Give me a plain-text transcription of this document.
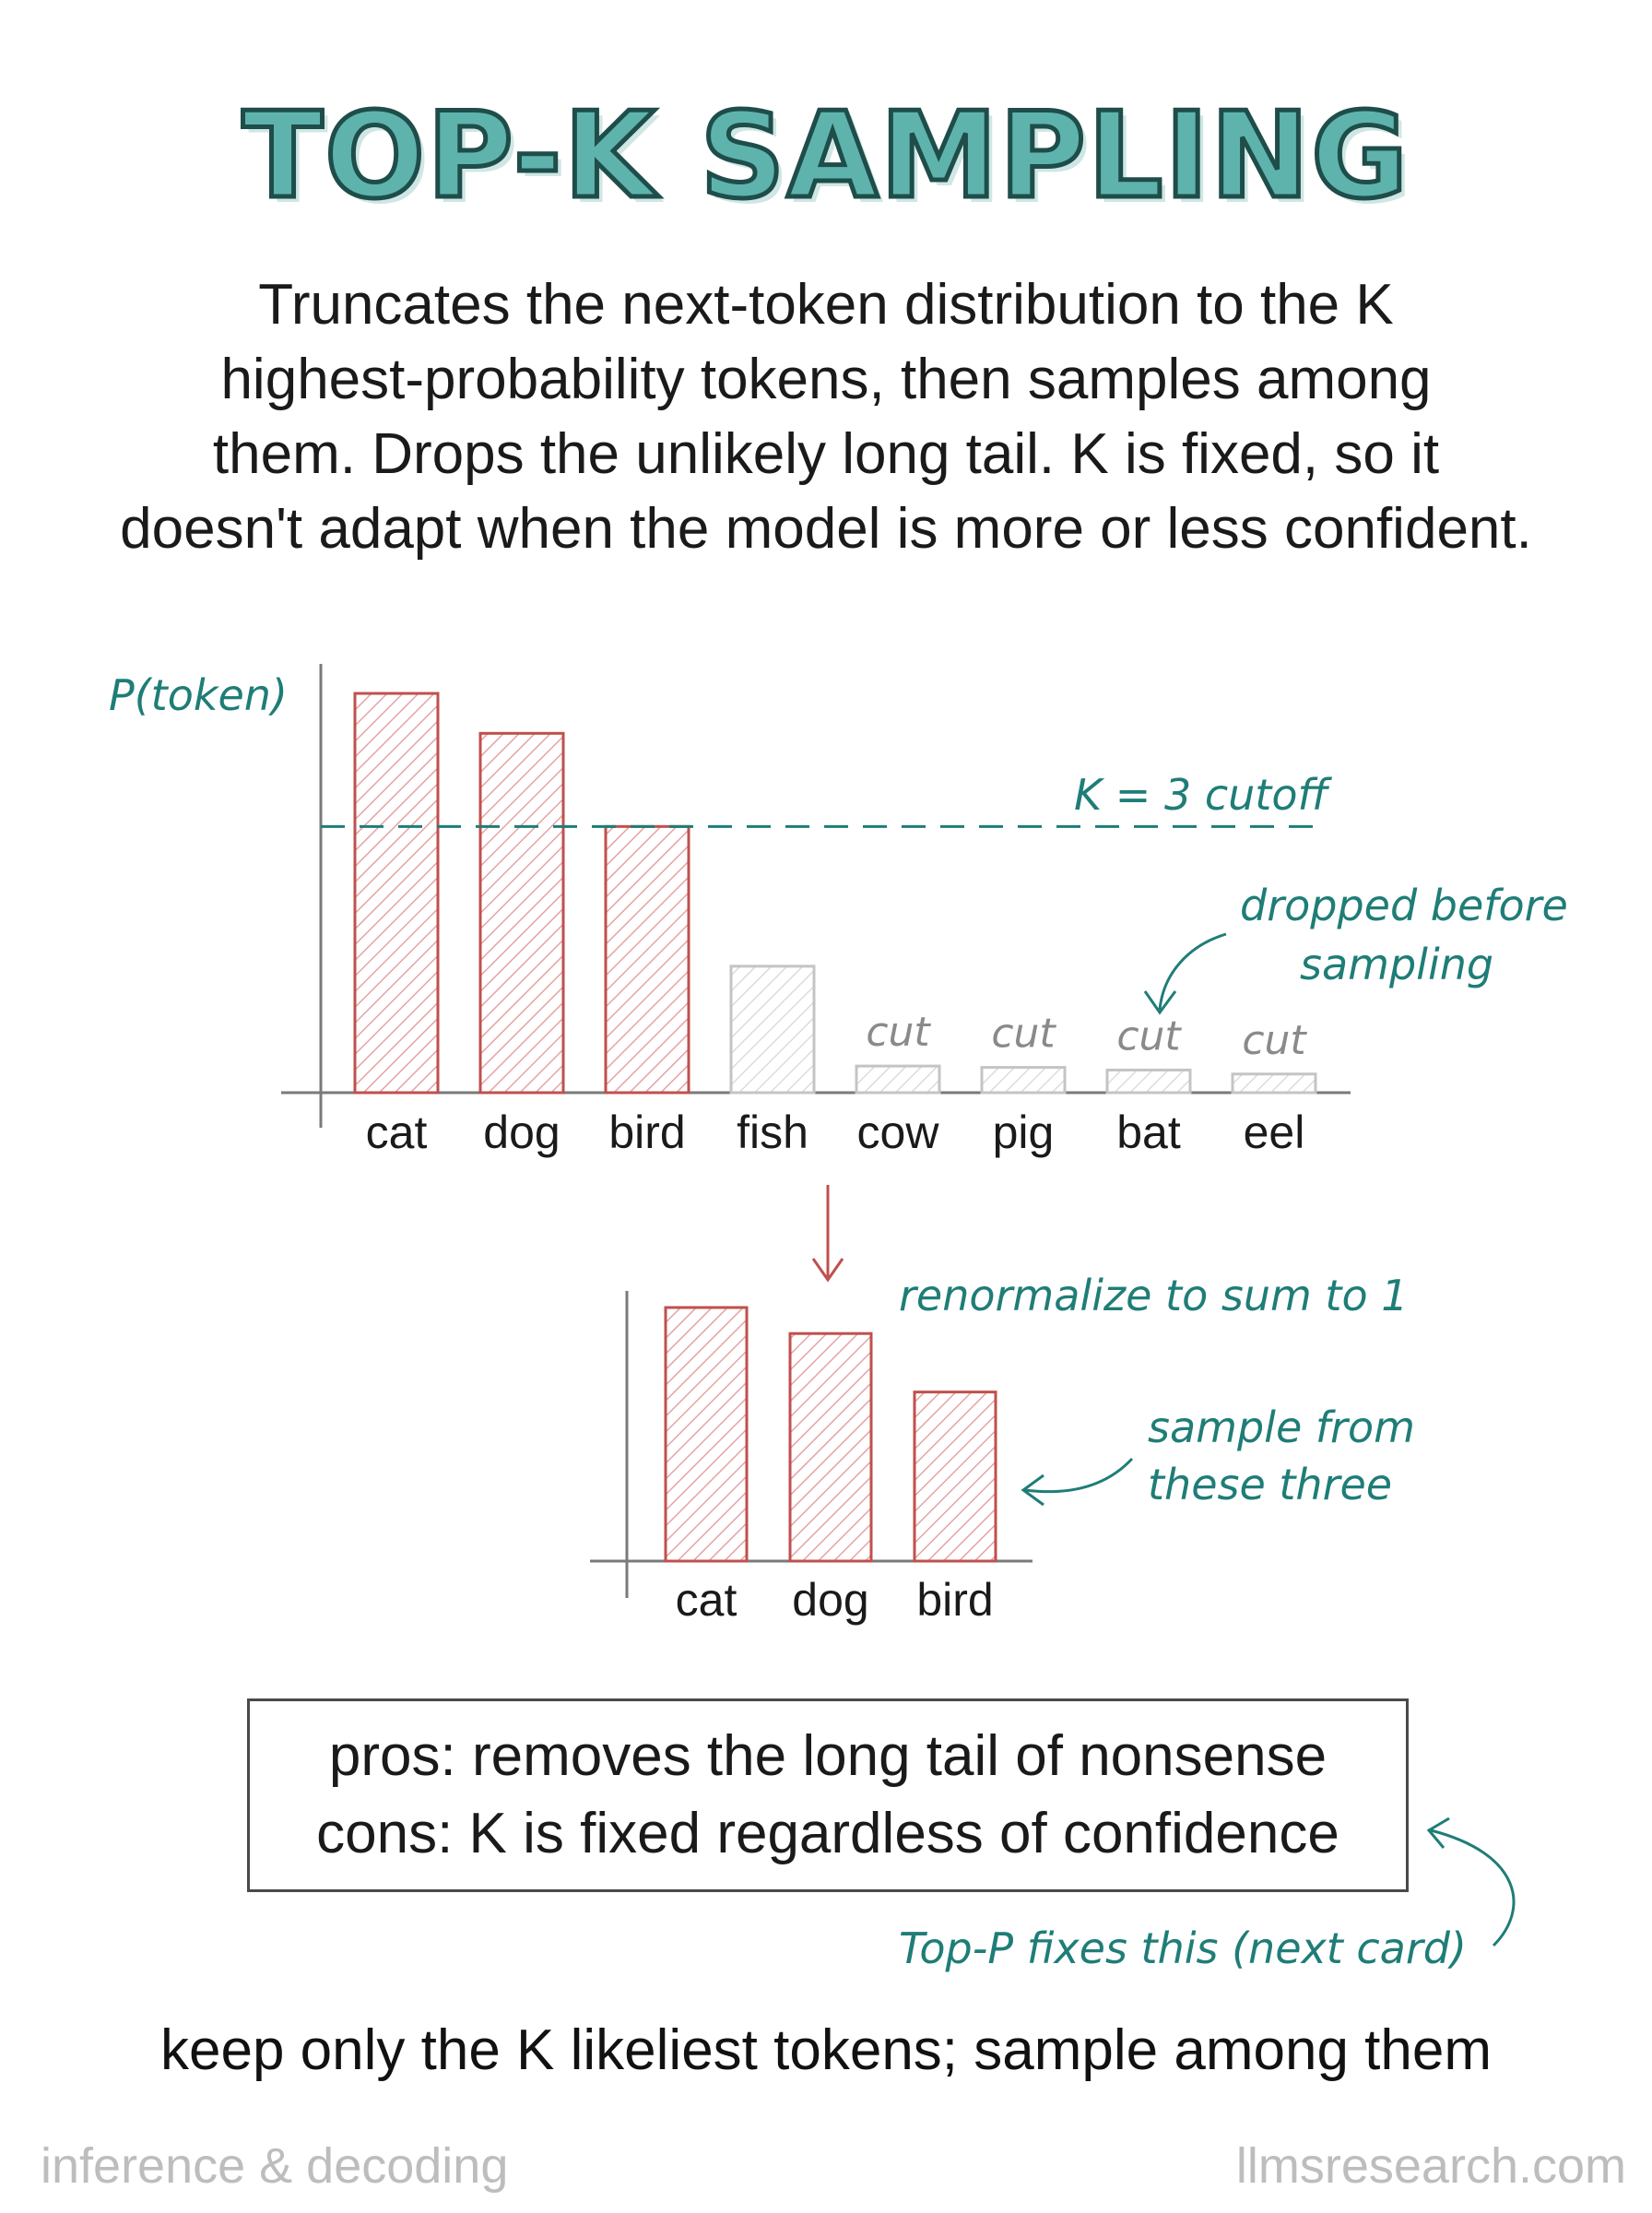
TOP-K SAMPLING
Truncates the next-token distribution to the K
highest-probability tokens, then samples among
them. Drops the unlikely long tail. K is fixed, so it
doesn't adapt when the model is more or less confident.
P(token)
cat dog bird fish cow
cut
pig
cut
bat
cut
eel
cut
K = 3 cutoff
dropped before
sampling
cat dog bird
renormalize to sum to 1
sample from these three
pros: removes the long tail of nonsense
cons: K is fixed regardless of confidence
Top-P fixes this (next card)
keep only the K likeliest tokens; sample among them
inference & decoding	llmsresearch.com
